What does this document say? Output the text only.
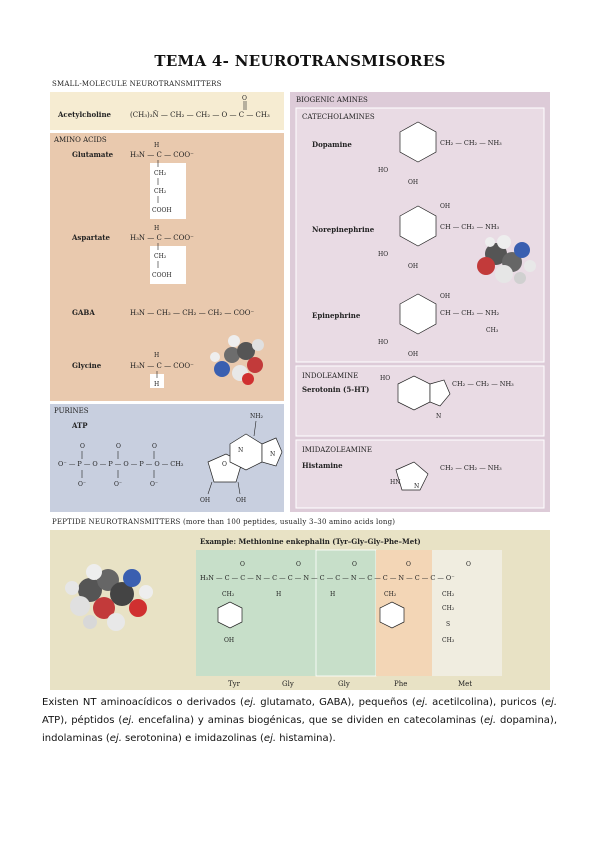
TEMA 4- NEUROTRANSMISORES
SMALL-MOLECULE NEUROTRANSMITTERS
Acetylcholine	(CH₃)₃N̄ — CH₂ — CH₂ — O — C — CH₃
O
AMINO ACIDS
Glutamate H₃N — C — COO⁻
H
CH₂
CH₂
COOH
Aspartate	H₃N — C — COO⁻
H
CH₂
COOH
GABA	H₃N — CH₂ — CH₂ — CH₂ — COO⁻
Glycine	H₃N — C — COO⁻
H
H
PURINES
ATP
O⁻ — P — O — P — O — P — O — CH₂
O	O	O
O⁻	O⁻	O⁻
O
OH	OH
NH₂
N
N
BIOGENIC AMINES
CATECHOLAMINES
Dopamine	CH₂ — CH₂ — NH₃
HO
OH
Norepinephrine	CH — CH₂ — NH₃
OH
HO
OH
Epinephrine	CH — CH₂ — NH₂
OH
CH₃
HO
OH
INDOLEAMINE
Serotonin (5-HT)
HO
CH₂ — CH₂ — NH₃
N
IMIDAZOLEAMINE
Histamine
HN
N
CH₂ — CH₂ — NH₃
PEPTIDE NEUROTRANSMITTERS (more than 100 peptides, usually 3–30 amino acids long)
Example: Methionine enkephalin (Tyr–Gly–Gly–Phe–Met)
H₃N — C — C — N — C — C — N — C — C — N — C — C — N — C — C — O⁻
O	O	O	O	O
CH₂	H	H	CH₂	CH₂
OH
CH₂
S
CH₃
Tyr	Gly	Gly	Phe	Met
Existen NT aminoacídicos o derivados (ej. glutamato, GABA), pequeños (ej. acetilcolina), puricos (ej. ATP), péptidos (ej. encefalina) y aminas biogénicas, que se dividen en catecolaminas (ej. dopamina), indolaminas (ej. serotonina) e imidazolinas (ej. histamina).
